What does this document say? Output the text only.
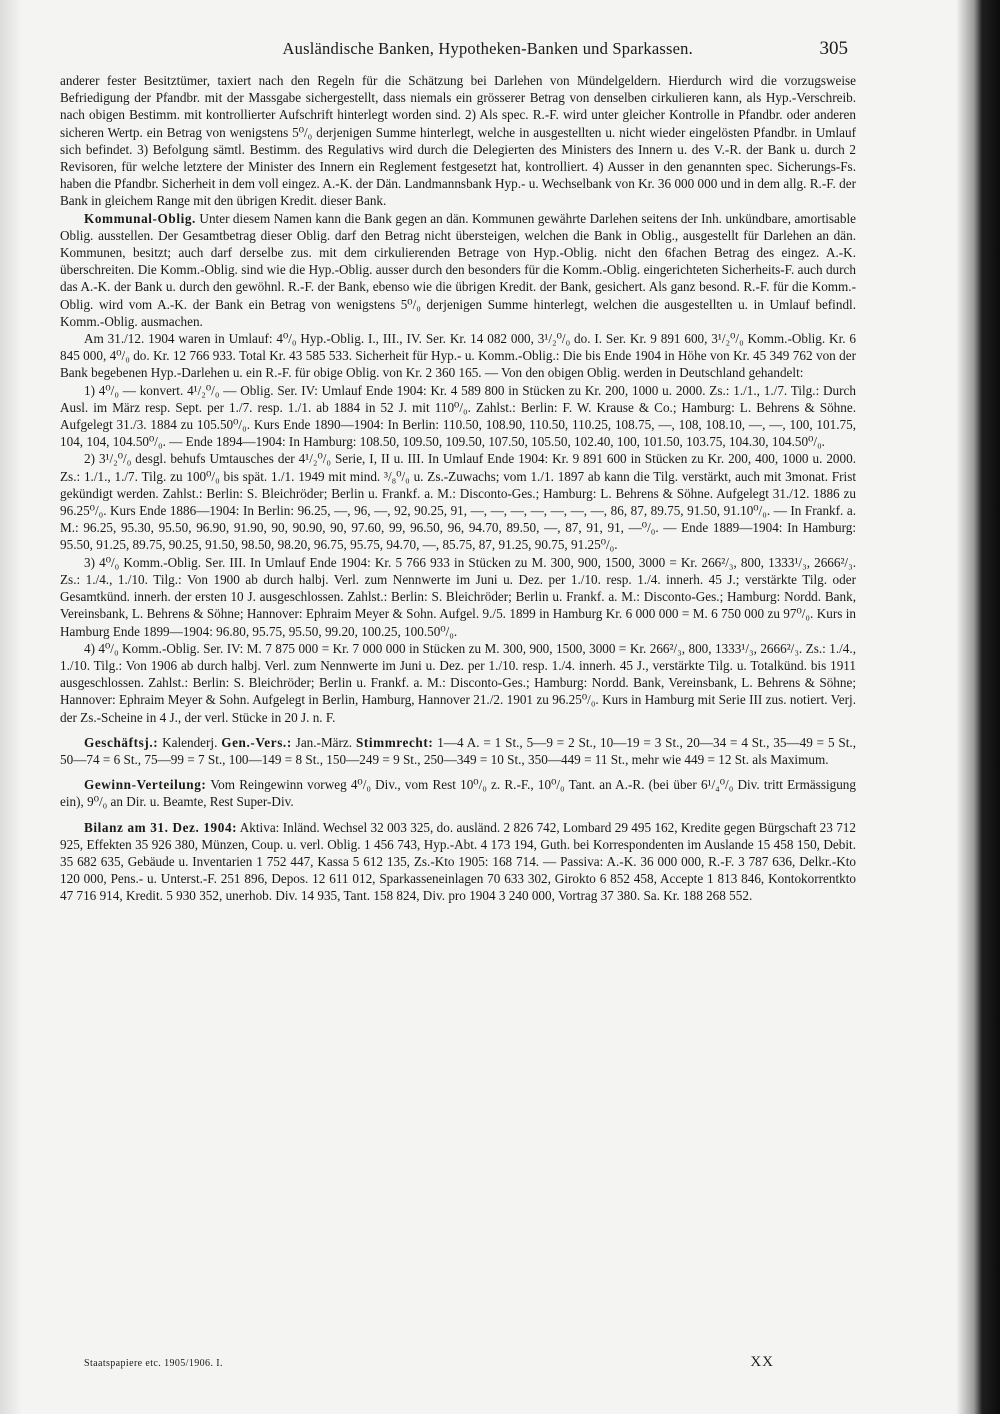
Ausländische Banken, Hypotheken-Banken und Sparkassen.	305

anderer fester Besitztümer, taxiert nach den Regeln für die Schätzung bei Darlehen von Mündelgeldern. Hierdurch wird die vorzugsweise Befriedigung der Pfandbr. mit der Massgabe sichergestellt, dass niemals ein grösserer Betrag von denselben cirkulieren kann, als Hyp.-Verschreib. nach obigen Bestimm. mit kontrollierter Aufschrift hinterlegt worden sind. 2) Als spec. R.-F. wird unter gleicher Kontrolle in Pfandbr. oder anderen sicheren Wertp. ein Betrag von wenigstens 5⁰/₀ derjenigen Summe hinterlegt, welche in ausgestellten u. nicht wieder eingelösten Pfandbr. in Umlauf sich befindet. 3) Befolgung sämtl. Bestimm. des Regulativs wird durch die Delegierten des Ministers des Innern u. des V.-R. der Bank u. durch 2 Revisoren, für welche letztere der Minister des Innern ein Reglement festgesetzt hat, kontrolliert. 4) Ausser in den genannten spec. Sicherungs-Fs. haben die Pfandbr. Sicherheit in dem voll eingez. A.-K. der Dän. Landmannsbank Hyp.- u. Wechselbank von Kr. 36 000 000 und in dem allg. R.-F. der Bank in gleichem Range mit den übrigen Kredit. dieser Bank.

Kommunal-Oblig. Unter diesem Namen kann die Bank gegen an dän. Kommunen gewährte Darlehen seitens der Inh. unkündbare, amortisable Oblig. ausstellen. Der Gesamtbetrag dieser Oblig. darf den Betrag nicht übersteigen, welchen die Bank in Oblig., ausgestellt für Darlehen an dän. Kommunen, besitzt; auch darf derselbe zus. mit dem cirkulierenden Betrage von Hyp.-Oblig. nicht den 6fachen Betrag des eingez. A.-K. überschreiten. Die Komm.-Oblig. sind wie die Hyp.-Oblig. ausser durch den besonders für die Komm.-Oblig. eingerichteten Sicherheits-F. auch durch das A.-K. der Bank u. durch den gewöhnl. R.-F. der Bank, ebenso wie die übrigen Kredit. der Bank, gesichert. Als ganz besond. R.-F. für die Komm.-Oblig. wird vom A.-K. der Bank ein Betrag von wenigstens 5⁰/₀ derjenigen Summe hinterlegt, welchen die ausgestellten u. in Umlauf befindl. Komm.-Oblig. ausmachen.

Am 31./12. 1904 waren in Umlauf: 4⁰/₀ Hyp.-Oblig. I., III., IV. Ser. Kr. 14 082 000, 3¹/₂⁰/₀ do. I. Ser. Kr. 9 891 600, 3¹/₂⁰/₀ Komm.-Oblig. Kr. 6 845 000, 4⁰/₀ do. Kr. 12 766 933. Total Kr. 43 585 533. Sicherheit für Hyp.- u. Komm.-Oblig.: Die bis Ende 1904 in Höhe von Kr. 45 349 762 von der Bank begebenen Hyp.-Darlehen u. ein R.-F. für obige Oblig. von Kr. 2 360 165. — Von den obigen Oblig. werden in Deutschland gehandelt:

1) 4⁰/₀ — konvert. 4¹/₂⁰/₀ — Oblig. Ser. IV: Umlauf Ende 1904: Kr. 4 589 800 in Stücken zu Kr. 200, 1000 u. 2000. Zs.: 1./1., 1./7. Tilg.: Durch Ausl. im März resp. Sept. per 1./7. resp. 1./1. ab 1884 in 52 J. mit 110⁰/₀. Zahlst.: Berlin: F. W. Krause & Co.; Hamburg: L. Behrens & Söhne. Aufgelegt 31./3. 1884 zu 105.50⁰/₀. Kurs Ende 1890—1904: In Berlin: 110.50, 108.90, 110.50, 110.25, 108.75, —, 108, 108.10, —, —, 100, 101.75, 104, 104, 104.50⁰/₀. — Ende 1894—1904: In Hamburg: 108.50, 109.50, 109.50, 107.50, 105.50, 102.40, 100, 101.50, 103.75, 104.30, 104.50⁰/₀.

2) 3¹/₂⁰/₀ desgl. behufs Umtausches der 4¹/₂⁰/₀ Serie, I, II u. III. In Umlauf Ende 1904: Kr. 9 891 600 in Stücken zu Kr. 200, 400, 1000 u. 2000. Zs.: 1./1., 1./7. Tilg. zu 100⁰/₀ bis spät. 1./1. 1949 mit mind. ³/₈⁰/₀ u. Zs.-Zuwachs; vom 1./1. 1897 ab kann die Tilg. verstärkt, auch mit 3monat. Frist gekündigt werden. Zahlst.: Berlin: S. Bleichröder; Berlin u. Frankf. a. M.: Disconto-Ges.; Hamburg: L. Behrens & Söhne. Aufgelegt 31./12. 1886 zu 96.25⁰/₀. Kurs Ende 1886—1904: In Berlin: 96.25, —, 96, —, 92, 90.25, 91, —, —, —, —, —, —, —, 86, 87, 89.75, 91.50, 91.10⁰/₀. — In Frankf. a. M.: 96.25, 95.30, 95.50, 96.90, 91.90, 90, 90.90, 90, 97.60, 99, 96.50, 96, 94.70, 89.50, —, 87, 91, 91, —⁰/₀. — Ende 1889—1904: In Hamburg: 95.50, 91.25, 89.75, 90.25, 91.50, 98.50, 98.20, 96.75, 95.75, 94.70, —, 85.75, 87, 91.25, 90.75, 91.25⁰/₀.

3) 4⁰/₀ Komm.-Oblig. Ser. III. In Umlauf Ende 1904: Kr. 5 766 933 in Stücken zu M. 300, 900, 1500, 3000 = Kr. 266²/₃, 800, 1333¹/₃, 2666²/₃. Zs.: 1./4., 1./10. Tilg.: Von 1900 ab durch halbj. Verl. zum Nennwerte im Juni u. Dez. per 1./10. resp. 1./4. innerh. 45 J.; verstärkte Tilg. oder Gesamtkünd. innerh. der ersten 10 J. ausgeschlossen. Zahlst.: Berlin: S. Bleichröder; Berlin u. Frankf. a. M.: Disconto-Ges.; Hamburg: Nordd. Bank, Vereinsbank, L. Behrens & Söhne; Hannover: Ephraim Meyer & Sohn. Aufgel. 9./5. 1899 in Hamburg Kr. 6 000 000 = M. 6 750 000 zu 97⁰/₀. Kurs in Hamburg Ende 1899—1904: 96.80, 95.75, 95.50, 99.20, 100.25, 100.50⁰/₀.

4) 4⁰/₀ Komm.-Oblig. Ser. IV: M. 7 875 000 = Kr. 7 000 000 in Stücken zu M. 300, 900, 1500, 3000 = Kr. 266²/₃, 800, 1333¹/₃, 2666²/₃. Zs.: 1./4., 1./10. Tilg.: Von 1906 ab durch halbj. Verl. zum Nennwerte im Juni u. Dez. per 1./10. resp. 1./4. innerh. 45 J., verstärkte Tilg. u. Totalkünd. bis 1911 ausgeschlossen. Zahlst.: Berlin: S. Bleichröder; Berlin u. Frankf. a. M.: Disconto-Ges.; Hamburg: Nordd. Bank, Vereinsbank, L. Behrens & Söhne; Hannover: Ephraim Meyer & Sohn. Aufgelegt in Berlin, Hamburg, Hannover 21./2. 1901 zu 96.25⁰/₀. Kurs in Hamburg mit Serie III zus. notiert. Verj. der Zs.-Scheine in 4 J., der verl. Stücke in 20 J. n. F.

Geschäftsj.: Kalenderj. Gen.-Vers.: Jan.-März. Stimmrecht: 1—4 A. = 1 St., 5—9 = 2 St., 10—19 = 3 St., 20—34 = 4 St., 35—49 = 5 St., 50—74 = 6 St., 75—99 = 7 St., 100—149 = 8 St., 150—249 = 9 St., 250—349 = 10 St., 350—449 = 11 St., mehr wie 449 = 12 St. als Maximum.

Gewinn-Verteilung: Vom Reingewinn vorweg 4⁰/₀ Div., vom Rest 10⁰/₀ z. R.-F., 10⁰/₀ Tant. an A.-R. (bei über 6¹/₄⁰/₀ Div. tritt Ermässigung ein), 9⁰/₀ an Dir. u. Beamte, Rest Super-Div.

Bilanz am 31. Dez. 1904: Aktiva: Inländ. Wechsel 32 003 325, do. ausländ. 2 826 742, Lombard 29 495 162, Kredite gegen Bürgschaft 23 712 925, Effekten 35 926 380, Münzen, Coup. u. verl. Oblig. 1 456 743, Hyp.-Abt. 4 173 194, Guth. bei Korrespondenten im Auslande 15 458 150, Debit. 35 682 635, Gebäude u. Inventarien 1 752 447, Kassa 5 612 135, Zs.-Kto 1905: 168 714. — Passiva: A.-K. 36 000 000, R.-F. 3 787 636, Delkr.-Kto 120 000, Pens.- u. Unterst.-F. 251 896, Depos. 12 611 012, Sparkasseneinlagen 70 633 302, Girokto 6 852 458, Accepte 1 813 846, Kontokorrentkto 47 716 914, Kredit. 5 930 352, unerhob. Div. 14 935, Tant. 158 824, Div. pro 1904 3 240 000, Vortrag 37 380. Sa. Kr. 188 268 552.

Staatspapiere etc. 1905/1906. I.	XX
